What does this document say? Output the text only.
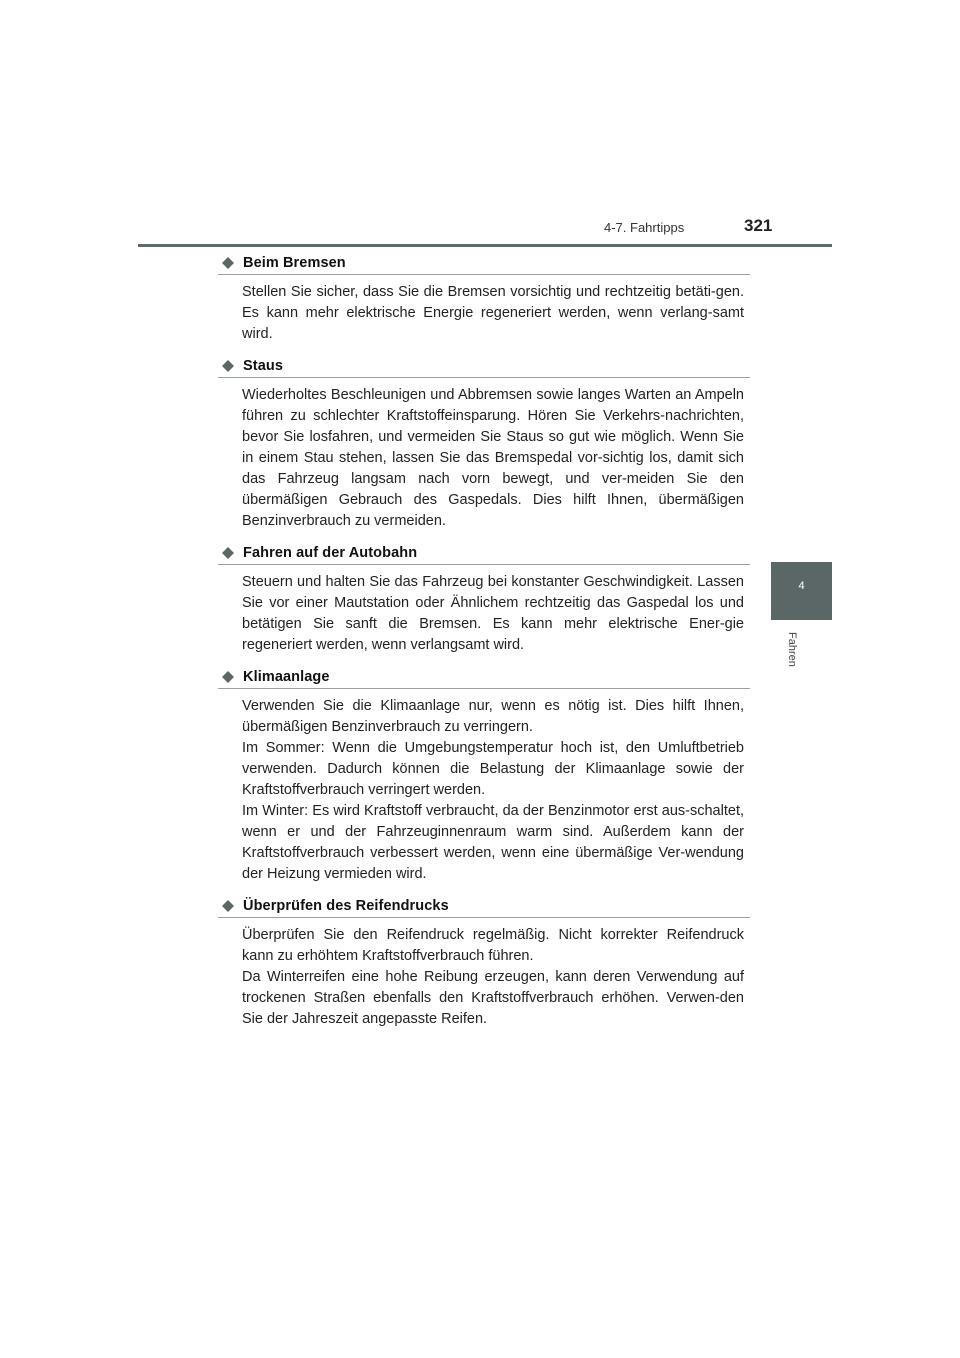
4-7. Fahrtipps	321
4
Fahren
Beim Bremsen

Stellen Sie sicher, dass Sie die Bremsen vorsichtig und rechtzeitig betäti-gen. Es kann mehr elektrische Energie regeneriert werden, wenn verlang-samt wird.

Staus

Wiederholtes Beschleunigen und Abbremsen sowie langes Warten an Ampeln führen zu schlechter Kraftstoffeinsparung. Hören Sie Verkehrs-nachrichten, bevor Sie losfahren, und vermeiden Sie Staus so gut wie möglich. Wenn Sie in einem Stau stehen, lassen Sie das Bremspedal vor-sichtig los, damit sich das Fahrzeug langsam nach vorn bewegt, und ver-meiden Sie den übermäßigen Gebrauch des Gaspedals. Dies hilft Ihnen, übermäßigen Benzinverbrauch zu vermeiden.

Fahren auf der Autobahn

Steuern und halten Sie das Fahrzeug bei konstanter Geschwindigkeit. Lassen Sie vor einer Mautstation oder Ähnlichem rechtzeitig das Gaspedal los und betätigen Sie sanft die Bremsen. Es kann mehr elektrische Ener-gie regeneriert werden, wenn verlangsamt wird.

Klimaanlage

Verwenden Sie die Klimaanlage nur, wenn es nötig ist. Dies hilft Ihnen, übermäßigen Benzinverbrauch zu verringern.

Im Sommer: Wenn die Umgebungstemperatur hoch ist, den Umluftbetrieb verwenden. Dadurch können die Belastung der Klimaanlage sowie der Kraftstoffverbrauch verringert werden.

Im Winter: Es wird Kraftstoff verbraucht, da der Benzinmotor erst aus-schaltet, wenn er und der Fahrzeuginnenraum warm sind. Außerdem kann der Kraftstoffverbrauch verbessert werden, wenn eine übermäßige Ver-wendung der Heizung vermieden wird.

Überprüfen des Reifendrucks

Überprüfen Sie den Reifendruck regelmäßig. Nicht korrekter Reifendruck kann zu erhöhtem Kraftstoffverbrauch führen.

Da Winterreifen eine hohe Reibung erzeugen, kann deren Verwendung auf trockenen Straßen ebenfalls den Kraftstoffverbrauch erhöhen. Verwen-den Sie der Jahreszeit angepasste Reifen.
